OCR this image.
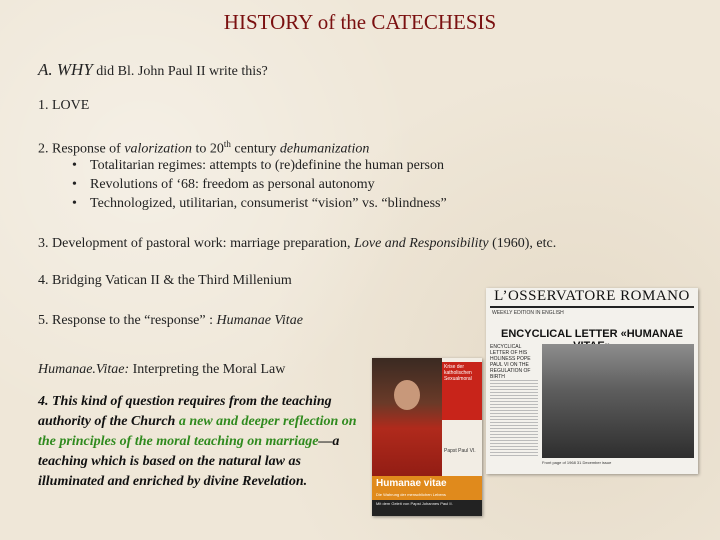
HISTORY of the CATECHESIS
A. WHY did Bl. John Paul II write this?
1. LOVE
2. Response of valorization to 20th century dehumanization
• Totalitarian regimes: attempts to (re)definine the human person
• Revolutions of ‘68: freedom as personal autonomy
• Technologized, utilitarian, consumerist “vision” vs. “blindness”
3. Development of pastoral work: marriage preparation, Love and Responsibility (1960), etc.
4. Bridging Vatican II & the Third Millenium
5. Response to the “response” : Humanae Vitae
Humanae.Vitae: Interpreting the Moral Law
4. This kind of question requires from the teaching authority of the Church a new and deeper reflection on the principles of the moral teaching on marriage—a teaching which is based on the natural law as illuminated and enriched by divine Revelation.
Krise der katholischen Sexualmoral
Papst Paul VI.
Humanae vitae
Die Wahrung der menschlichen Lebens
Mit dem Geleit von Papst Johannes Paul II.
L’OSSERVATORE ROMANO
WEEKLY EDITION IN ENGLISH
ENCYCLICAL LETTER «HUMANAE
ENCYCLICAL LETTER OF HIS HOLINESS POPE PAUL VI ON THE REGULATION OF BIRTH
Front page of 1968 31 December issue
